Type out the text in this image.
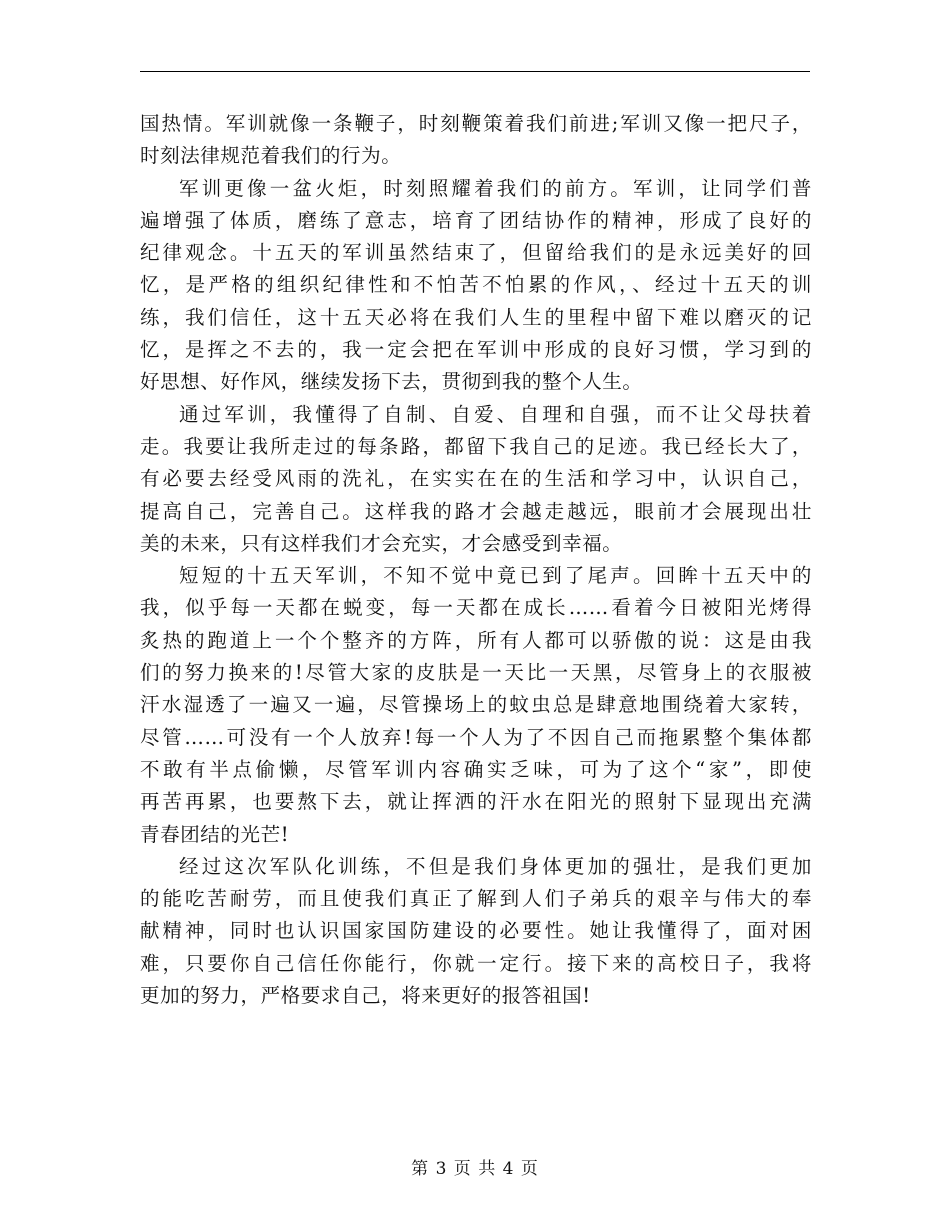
国热情。军训就像一条鞭子，时刻鞭策着我们前进;军训又像一把尺子，
时刻法律规范着我们的行为。
军训更像一盆火炬，时刻照耀着我们的前方。军训，让同学们普
遍增强了体质，磨练了意志，培育了团结协作的精神，形成了良好的
纪律观念。十五天的军训虽然结束了，但留给我们的是永远美好的回
忆，是严格的组织纪律性和不怕苦不怕累的作风，、经过十五天的训
练，我们信任，这十五天必将在我们人生的里程中留下难以磨灭的记
忆，是挥之不去的，我一定会把在军训中形成的良好习惯，学习到的
好思想、好作风，继续发扬下去，贯彻到我的整个人生。
通过军训，我懂得了自制、自爱、自理和自强，而不让父母扶着
走。我要让我所走过的每条路，都留下我自己的足迹。我已经长大了，
有必要去经受风雨的洗礼，在实实在在的生活和学习中，认识自己，
提高自己，完善自己。这样我的路才会越走越远，眼前才会展现出壮
美的未来，只有这样我们才会充实，才会感受到幸福。
短短的十五天军训，不知不觉中竟已到了尾声。回眸十五天中的
我，似乎每一天都在蜕变，每一天都在成长……看着今日被阳光烤得
炙热的跑道上一个个整齐的方阵，所有人都可以骄傲的说：这是由我
们的努力换来的!尽管大家的皮肤是一天比一天黑，尽管身上的衣服被
汗水湿透了一遍又一遍，尽管操场上的蚊虫总是肆意地围绕着大家转，
尽管……可没有一个人放弃!每一个人为了不因自己而拖累整个集体都
不敢有半点偷懒，尽管军训内容确实乏味，可为了这个“家”，即使
再苦再累，也要熬下去，就让挥洒的汗水在阳光的照射下显现出充满
青春团结的光芒!
经过这次军队化训练，不但是我们身体更加的强壮，是我们更加
的能吃苦耐劳，而且使我们真正了解到人们子弟兵的艰辛与伟大的奉
献精神，同时也认识国家国防建设的必要性。她让我懂得了，面对困
难，只要你自己信任你能行，你就一定行。接下来的高校日子，我将
更加的努力，严格要求自己，将来更好的报答祖国!
第 3 页 共 4 页
